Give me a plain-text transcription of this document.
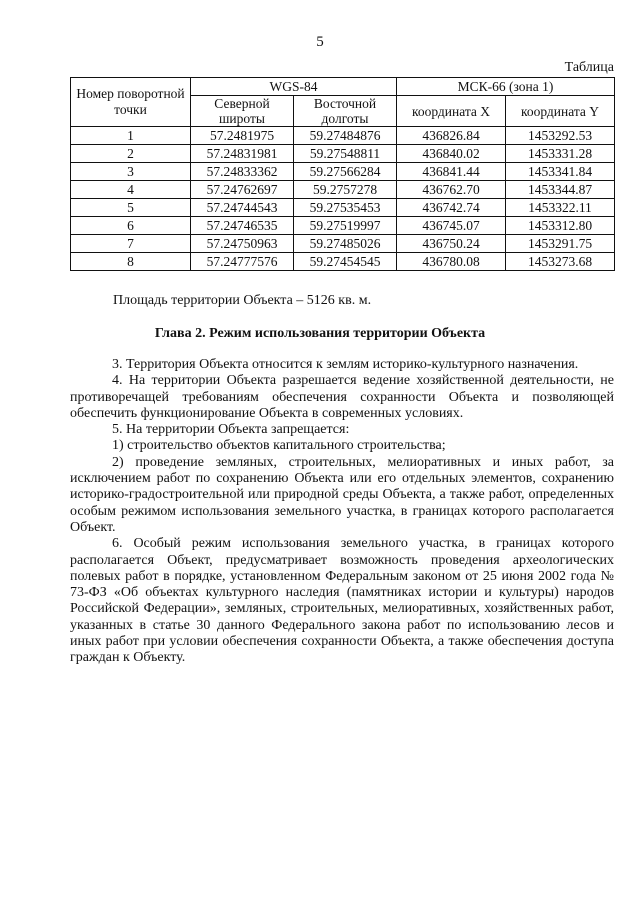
5
Таблица
Номер поворотной точки	WGS-84		МСК-66 (зона 1)	
	Северной широты	Восточной долготы	координата X	координата Y
1	57.2481975	59.27484876	436826.84	1453292.53
2	57.24831981	59.27548811	436840.02	1453331.28
3	57.24833362	59.27566284	436841.44	1453341.84
4	57.24762697	59.2757278	436762.70	1453344.87
5	57.24744543	59.27535453	436742.74	1453322.11
6	57.24746535	59.27519997	436745.07	1453312.80
7	57.24750963	59.27485026	436750.24	1453291.75
8	57.24777576	59.27454545	436780.08	1453273.68
Площадь территории Объекта – 5126 кв. м.
Глава 2. Режим использования территории Объекта

3. Территория Объекта относится к землям историко-культурного назначения.

4. На территории Объекта разрешается ведение хозяйственной деятельности, не противоречащей требованиям обеспечения сохранности Объекта и позволяющей обеспечить функционирование Объекта в современных условиях.

5. На территории Объекта запрещается:

1) строительство объектов капитального строительства;

2) проведение земляных, строительных, мелиоративных и иных работ, за исключением работ по сохранению Объекта или его отдельных элементов, сохранению историко-градостроительной или природной среды Объекта, а также работ, определенных особым режимом использования земельного участка, в границах которого располагается Объект.

6. Особый режим использования земельного участка, в границах которого располагается Объект, предусматривает возможность проведения археологических полевых работ в порядке, установленном Федеральным законом от 25 июня 2002 года № 73-ФЗ «Об объектах культурного наследия (памятниках истории и культуры) народов Российской Федерации», земляных, строительных, мелиоративных, хозяйственных работ, указанных в статье 30 данного Федерального закона работ по использованию лесов и иных работ при условии обеспечения сохранности Объекта, а также обеспечения доступа граждан к Объекту.
